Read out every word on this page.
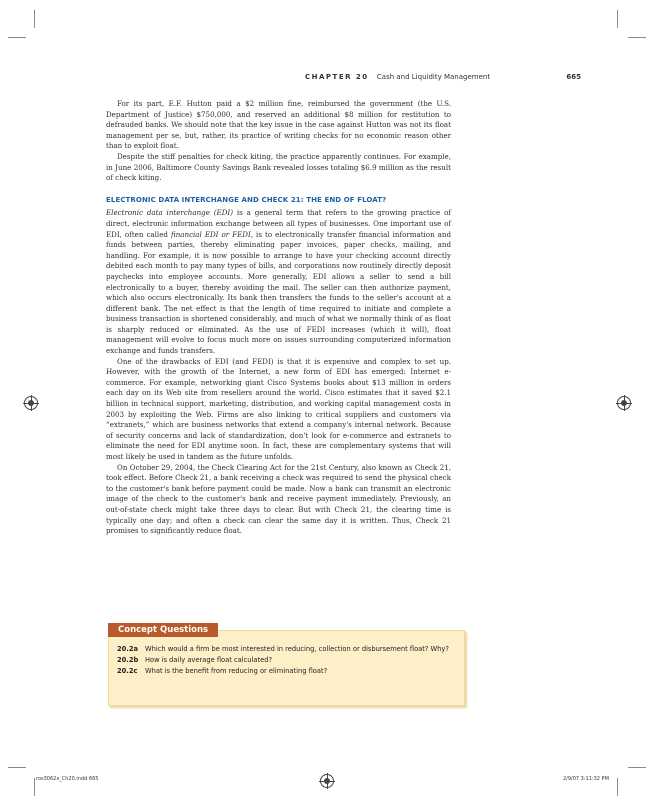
CHAPTER 20 Cash and Liquidity Management	665

For its part, E.F. Hutton paid a $2 million fine, reimbursed the government (the U.S. Department of Justice) $750,000, and reserved an additional $8 million for restitution to defrauded banks. We should note that the key issue in the case against Hutton was not its float management per se, but, rather, its practice of writing checks for no economic reason other than to exploit float.

Despite the stiff penalties for check kiting, the practice apparently continues. For example, in June 2006, Baltimore County Savings Bank revealed losses totaling $6.9 million as the result of check kiting.

ELECTRONIC DATA INTERCHANGE AND CHECK 21: THE END OF FLOAT?

Electronic data interchange (EDI) is a general term that refers to the growing practice of direct, electronic information exchange between all types of businesses. One important use of EDI, often called financial EDI or FEDI, is to electronically transfer financial information and funds between parties, thereby eliminating paper invoices, paper checks, mailing, and handling. For example, it is now possible to arrange to have your checking account directly debited each month to pay many types of bills, and corporations now routinely directly deposit paychecks into employee accounts. More generally, EDI allows a seller to send a bill electronically to a buyer, thereby avoiding the mail. The seller can then authorize payment, which also occurs electronically. Its bank then transfers the funds to the seller's account at a different bank. The net effect is that the length of time required to initiate and complete a business transaction is shortened considerably, and much of what we normally think of as float is sharply reduced or eliminated. As the use of FEDI increases (which it will), float management will evolve to focus much more on issues surrounding computerized information exchange and funds transfers.

One of the drawbacks of EDI (and FEDI) is that it is expensive and complex to set up. However, with the growth of the Internet, a new form of EDI has emerged: Internet e-commerce. For example, networking giant Cisco Systems books about $13 million in orders each day on its Web site from resellers around the world. Cisco estimates that it saved $2.1 billion in technical support, marketing, distribution, and working capital management costs in 2003 by exploiting the Web. Firms are also linking to critical suppliers and customers via “extranets,” which are business networks that extend a company's internal network. Because of security concerns and lack of standardization, don't look for e-commerce and extranets to eliminate the need for EDI anytime soon. In fact, these are complementary systems that will most likely be used in tandem as the future unfolds.

On October 29, 2004, the Check Clearing Act for the 21st Century, also known as Check 21, took effect. Before Check 21, a bank receiving a check was required to send the physical check to the customer's bank before payment could be made. Now a bank can transmit an electronic image of the check to the customer's bank and receive payment immediately. Previously, an out-of-state check might take three days to clear. But with Check 21, the clearing time is typically one day; and often a check can clear the same day it is written. Thus, Check 21 promises to significantly reduce float.

Concept Questions
20.2a	Which would a firm be most interested in reducing, collection or disbursement float? Why?
20.2b	How is daily average float calculated?
20.2c	What is the benefit from reducing or eliminating float?
ros3062x_Ch20.indd 665	2/9/07 3:11:32 PM
